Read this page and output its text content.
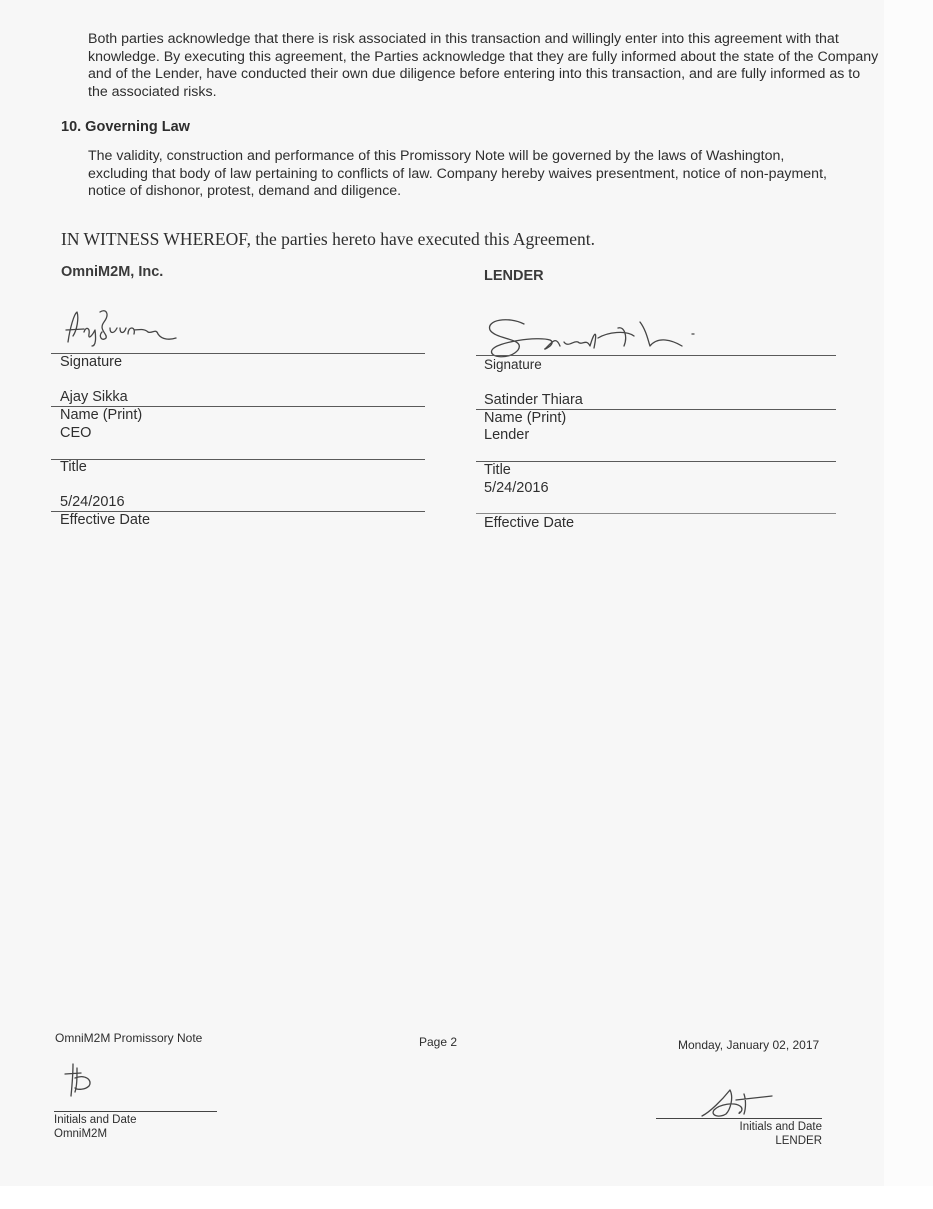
Both parties acknowledge that there is risk associated in this transaction and willingly enter into this agreement with that knowledge. By executing this agreement, the Parties acknowledge that they are fully informed about the state of the Company and of the Lender, have conducted their own due diligence before entering into this transaction, and are fully informed as to the associated risks.
10. Governing Law
The validity, construction and performance of this Promissory Note will be governed by the laws of Washington, excluding that body of law pertaining to conflicts of law. Company hereby waives presentment, notice of non-payment, notice of dishonor, protest, demand and diligence.
IN WITNESS WHEREOF, the parties hereto have executed this Agreement.
OmniM2M, Inc.
Signature
Ajay Sikka
Name (Print)
CEO
Title
5/24/2016
Effective Date
LENDER
Signature
Satinder Thiara
Name (Print)
Lender
Title
5/24/2016
Effective Date
OmniM2M Promissory Note	Page 2	Monday, January 02, 2017
Initials and Date
OmniM2M
Initials and Date
LENDER
